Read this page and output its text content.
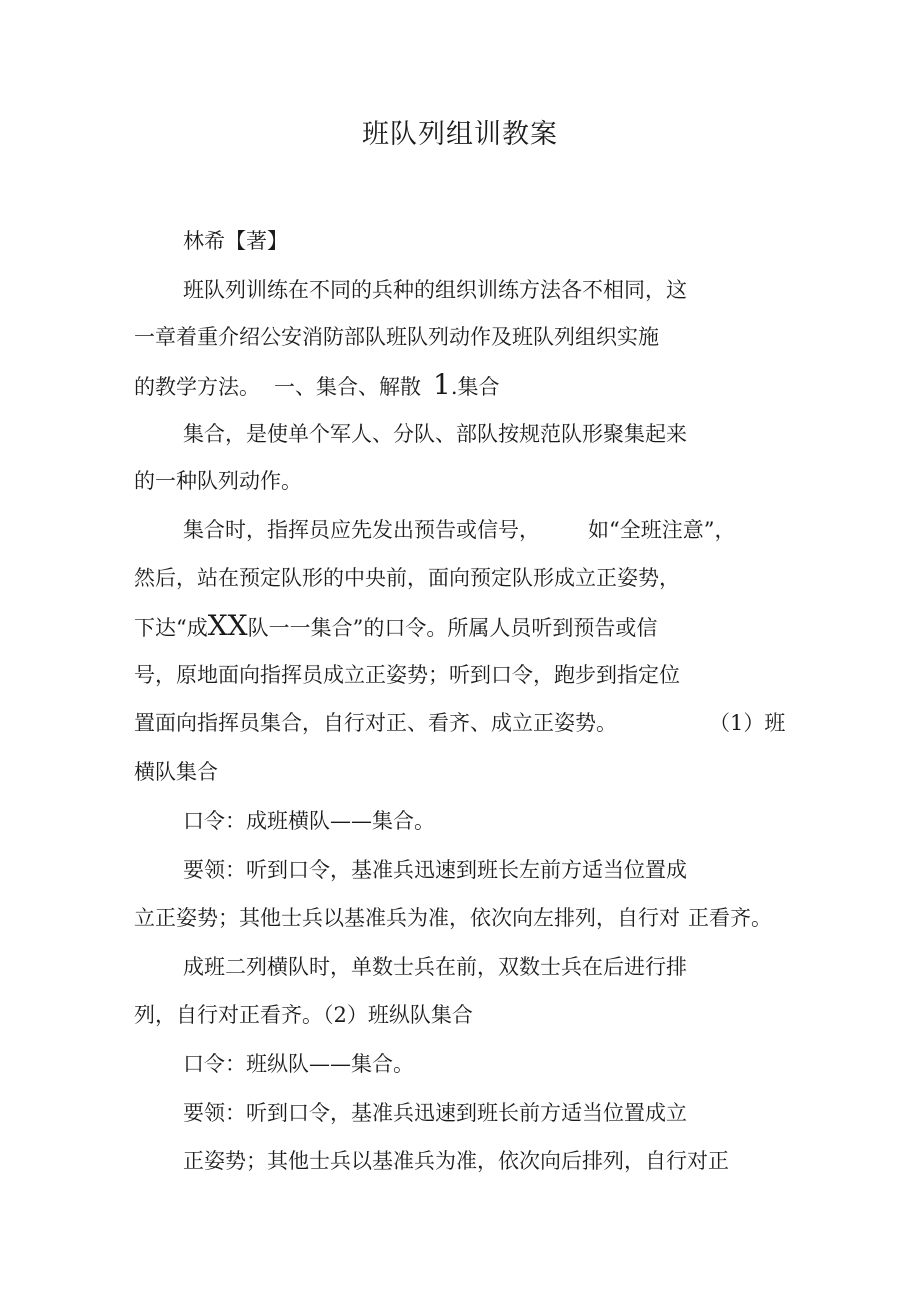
班队列组训教案
林希【著】
班队列训练在不同的兵种的组织训练方法各不相同，这
一章着重介绍公安消防部队班队列动作及班队列组织实施
的教学方法。 一、集合、解散 1.集合
集合，是使单个军人、分队、部队按规范队形聚集起来
的一种队列动作。
集合时，指挥员应先发出预告或信号， 如“全班注意”，
然后，站在预定队形的中央前，面向预定队形成立正姿势，
下达“成XX队一一集合”的口令。所属人员听到预告或信
号，原地面向指挥员成立正姿势；听到口令，跑步到指定位
置面向指挥员集合，自行对正、看齐、成立正姿势。	（1）班
横队集合
口令：成班横队——集合。
要领：听到口令，基准兵迅速到班长左前方适当位置成
立正姿势；其他士兵以基准兵为准，依次向左排列，自行对 正看齐。
成班二列横队时，单数士兵在前，双数士兵在后进行排
列，自行对正看齐。（2）班纵队集合
口令：班纵队——集合。
要领：听到口令，基准兵迅速到班长前方适当位置成立
正姿势；其他士兵以基准兵为准，依次向后排列，自行对正
